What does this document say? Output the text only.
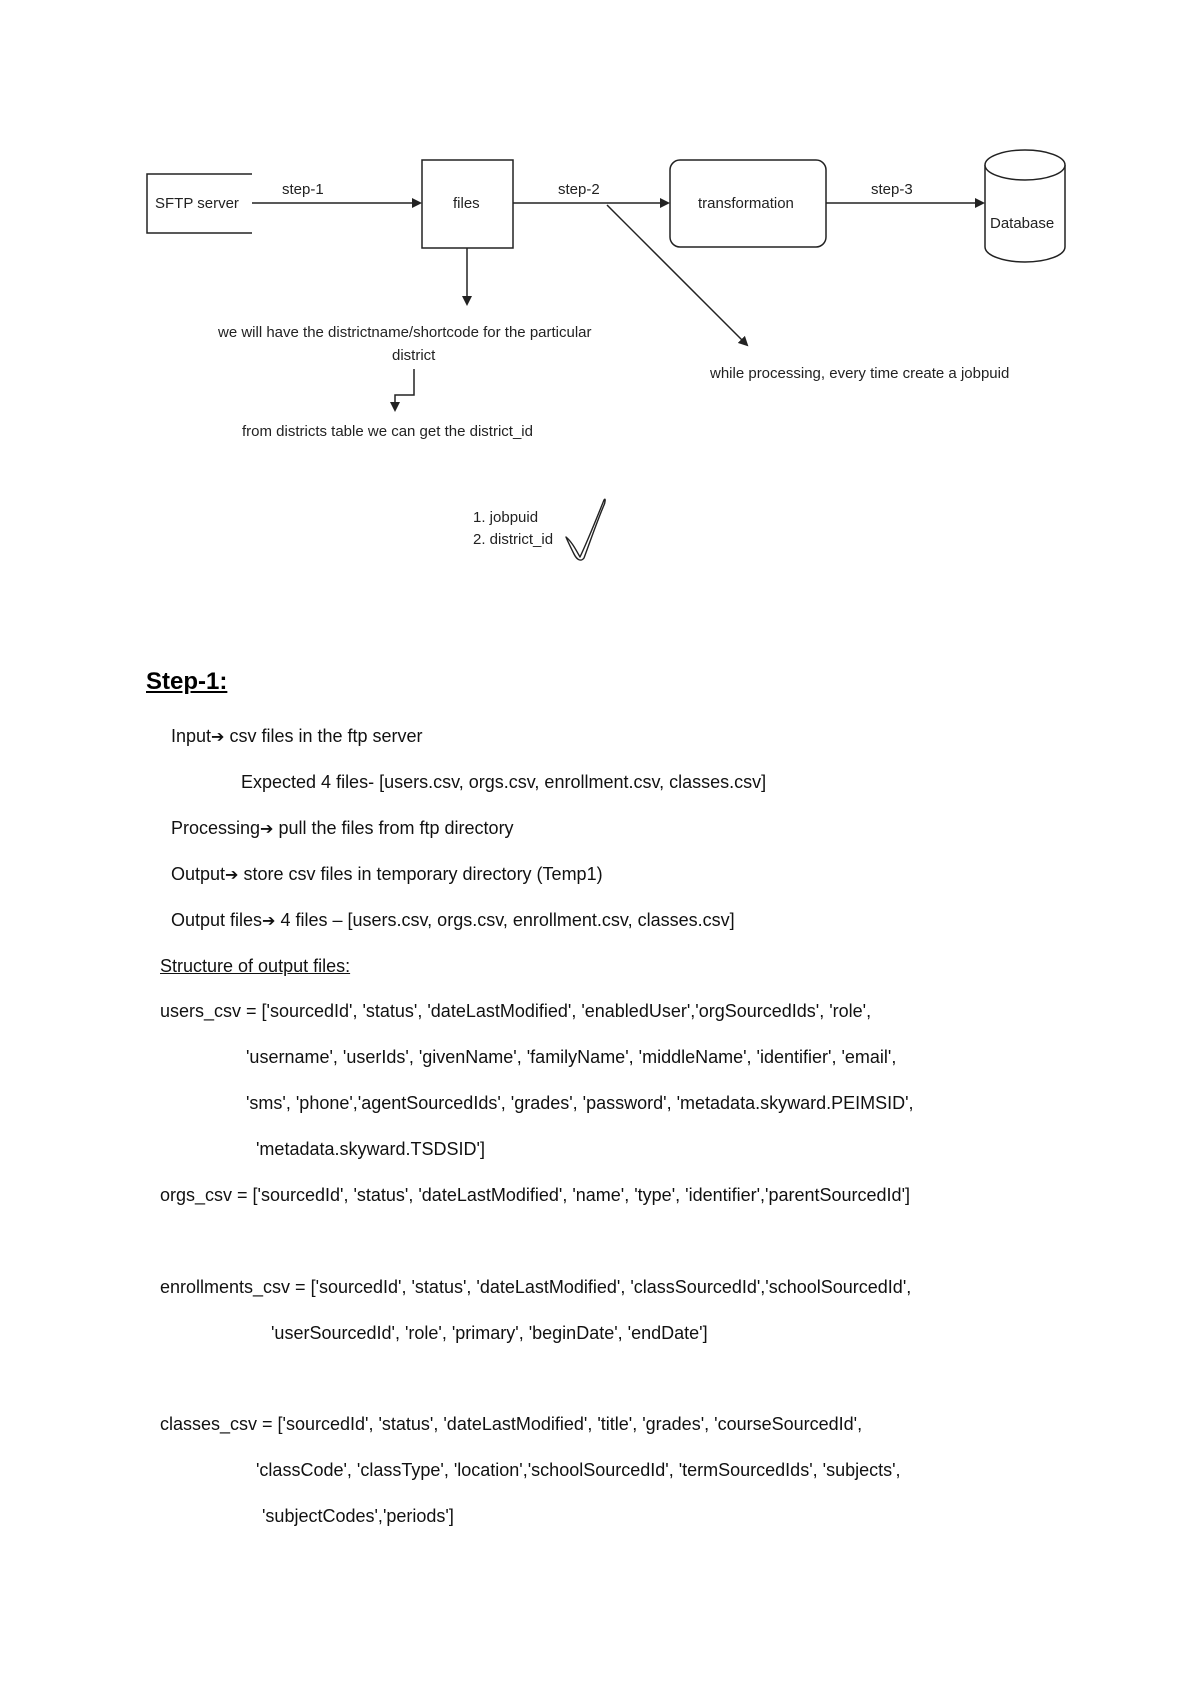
SFTP server
step-1
files
step-2
transformation
step-3
Database
we will have the districtname/shortcode for the particular
district
from districts table we can get the district_id
while processing, every time create a jobpuid
1. jobpuid
2. district_id
Step-1:
Input➔ csv files in the ftp server
Expected 4 files- [users.csv, orgs.csv, enrollment.csv, classes.csv]
Processing➔ pull the files from ftp directory
Output➔ store csv files in temporary directory (Temp1)
Output files➔ 4 files – [users.csv, orgs.csv, enrollment.csv, classes.csv]
Structure of output files:
users_csv = ['sourcedId', 'status', 'dateLastModified', 'enabledUser','orgSourcedIds', 'role',
'username', 'userIds', 'givenName', 'familyName', 'middleName', 'identifier', 'email',
'sms', 'phone','agentSourcedIds', 'grades', 'password', 'metadata.skyward.PEIMSID',
'metadata.skyward.TSDSID']
orgs_csv = ['sourcedId', 'status', 'dateLastModified', 'name', 'type', 'identifier','parentSourcedId']
enrollments_csv = ['sourcedId', 'status', 'dateLastModified', 'classSourcedId','schoolSourcedId',
'userSourcedId', 'role', 'primary', 'beginDate', 'endDate']
classes_csv = ['sourcedId', 'status', 'dateLastModified', 'title', 'grades', 'courseSourcedId',
'classCode', 'classType', 'location','schoolSourcedId', 'termSourcedIds', 'subjects',
'subjectCodes','periods']
